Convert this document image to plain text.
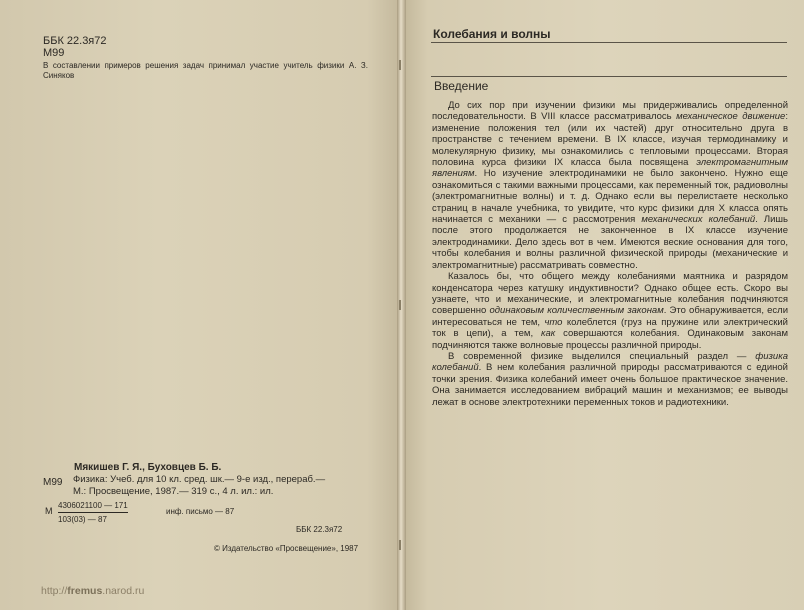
ББК 22.3я72
М99
В составлении примеров решения задач принимал участие учитель физики А. З. Синяков
Мякишев Г. Я., Буховцев Б. Б.
М99 Физика: Учеб. для 10 кл. сред. шк.— 9-е изд., перераб.—
М.: Просвещение, 1987.— 319 с., 4 л. ил.: ил.
М $\frac{4306021100 — 171}{103(03) — 87}$	инф. письмо — 87
ББК 22.3я72
© Издательство «Просвещение», 1987
http://fremus.narod.ru
Колебания и волны
Введение

До сих пор при изучении физики мы придерживались определенной последовательности. В VIII классе рассматривалось механическое движение: изменение положения тел (или их частей) друг относительно друга в пространстве с течением времени. В IX классе, изучая термодинамику и молекулярную физику, мы ознакомились с тепловыми процессами. Вторая половина курса физики IX класса была посвящена электромагнитным явлениям. Но изучение электродинамики не было закончено. Нужно еще ознакомиться с такими важными процессами, как переменный ток, радиоволны (электромагнитные волны) и т. д. Однако если вы перелистаете несколько страниц в начале учебника, то увидите, что курс физики для X класса опять начинается с механики — с рассмотрения механических колебаний. Лишь после этого продолжается не законченное в IX классе изучение электродинамики. Дело здесь вот в чем. Имеются веские основания для того, чтобы колебания и волны различной физической природы (механические и электромагнитные) рассматривать совместно.

Казалось бы, что общего между колебаниями маятника и разрядом конденсатора через катушку индуктивности? Однако общее есть. Скоро вы узнаете, что и механические, и электромагнитные колебания подчиняются совершенно одинаковым количественным законам. Это обнаруживается, если интересоваться не тем, что колеблется (груз на пружине или электрический ток в цепи), а тем, как совершаются колебания. Одинаковым законам подчиняются также волновые процессы различной природы.

В современной физике выделился специальный раздел — физика колебаний. В нем колебания различной природы рассматриваются с единой точки зрения. Физика колебаний имеет очень большое практическое значение. Она занимается исследованием вибраций машин и механизмов; ее выводы лежат в основе электротехники переменных токов и радиотехники.
